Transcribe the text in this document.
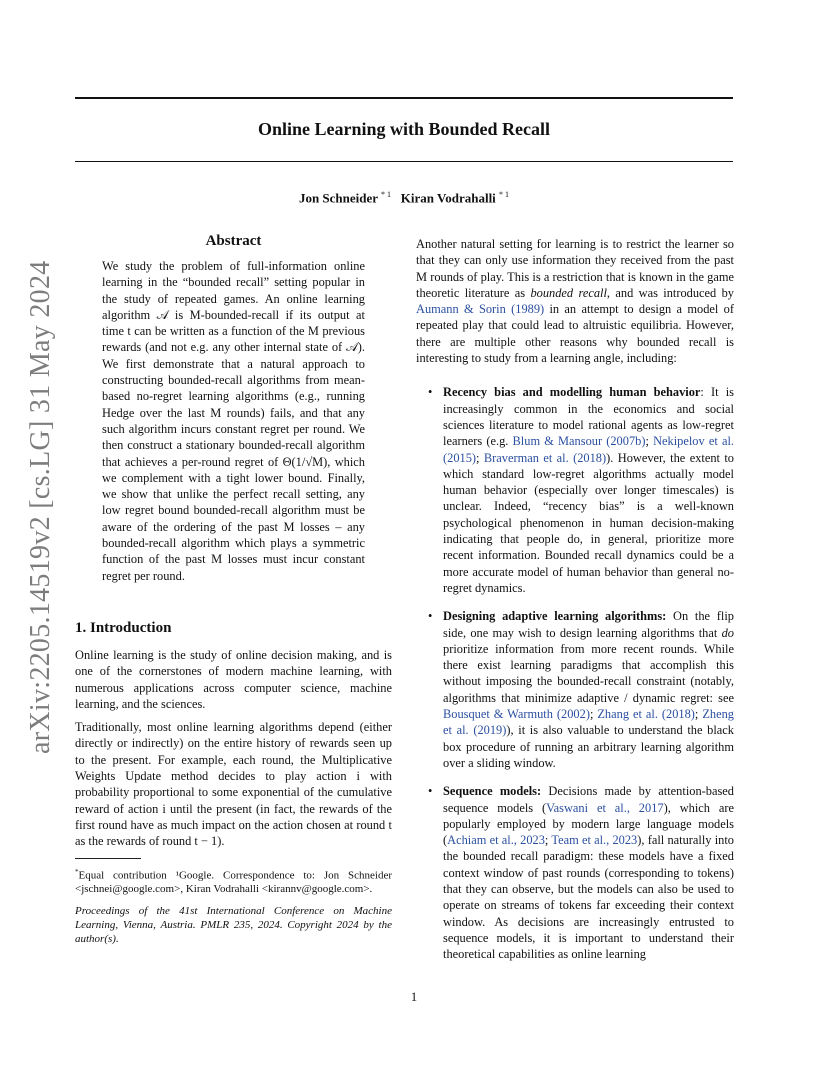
arXiv:2205.14519v2 [cs.LG] 31 May 2024
Online Learning with Bounded Recall
Jon Schneider $^{* 1}$ Kiran Vodrahalli $^{* 1}$
Abstract

We study the problem of full-information online learning in the “bounded recall” setting popular in the study of repeated games. An online learning algorithm 𝒜 is M-bounded-recall if its output at time t can be written as a function of the M previous rewards (and not e.g. any other internal state of 𝒜). We first demonstrate that a natural approach to constructing bounded-recall algorithms from mean-based no-regret learning algorithms (e.g., running Hedge over the last M rounds) fails, and that any such algorithm incurs constant regret per round. We then construct a stationary bounded-recall algorithm that achieves a per-round regret of Θ(1/√M), which we complement with a tight lower bound. Finally, we show that unlike the perfect recall setting, any low regret bound bounded-recall algorithm must be aware of the ordering of the past M losses – any bounded-recall algorithm which plays a symmetric function of the past M losses must incur constant regret per round.

1. Introduction

Online learning is the study of online decision making, and is one of the cornerstones of modern machine learning, with numerous applications across computer science, machine learning, and the sciences.

Traditionally, most online learning algorithms depend (either directly or indirectly) on the entire history of rewards seen up to the present. For example, each round, the Multiplicative Weights Update method decides to play action i with probability proportional to some exponential of the cumulative reward of action i until the present (in fact, the rewards of the first round have as much impact on the action chosen at round t as the rewards of round t − 1).

*Equal contribution ¹Google. Correspondence to: Jon Schneider <jschnei@google.com>, Kiran Vodrahalli <kirannv@google.com>.

Proceedings of the 41st International Conference on Machine Learning, Vienna, Austria. PMLR 235, 2024. Copyright 2024 by the author(s).

Another natural setting for learning is to restrict the learner so that they can only use information they received from the past M rounds of play. This is a restriction that is known in the game theoretic literature as bounded recall, and was introduced by Aumann & Sorin (1989) in an attempt to design a model of repeated play that could lead to altruistic equilibria. However, there are multiple other reasons why bounded recall is interesting to study from a learning angle, including:

• Recency bias and modelling human behavior: It is increasingly common in the economics and social sciences literature to model rational agents as low-regret learners (e.g. Blum & Mansour (2007b); Nekipelov et al. (2015); Braverman et al. (2018)). However, the extent to which standard low-regret algorithms actually model human behavior (especially over longer timescales) is unclear. Indeed, “recency bias” is a well-known psychological phenomenon in human decision-making indicating that people do, in general, prioritize more recent information. Bounded recall dynamics could be a more accurate model of human behavior than general no-regret dynamics.
• Designing adaptive learning algorithms: On the flip side, one may wish to design learning algorithms that do prioritize information from more recent rounds. While there exist learning paradigms that accomplish this without imposing the bounded-recall constraint (notably, algorithms that minimize adaptive / dynamic regret: see Bousquet & Warmuth (2002); Zhang et al. (2018); Zheng et al. (2019)), it is also valuable to understand the black box procedure of running an arbitrary learning algorithm over a sliding window.
• Sequence models: Decisions made by attention-based sequence models (Vaswani et al., 2017), which are popularly employed by modern large language models (Achiam et al., 2023; Team et al., 2023), fall naturally into the bounded recall paradigm: these models have a fixed context window of past rounds (corresponding to tokens) that they can observe, but the models can also be used to operate on streams of tokens far exceeding their context window. As decisions are increasingly entrusted to sequence models, it is important to understand their theoretical capabilities as online learning
1
